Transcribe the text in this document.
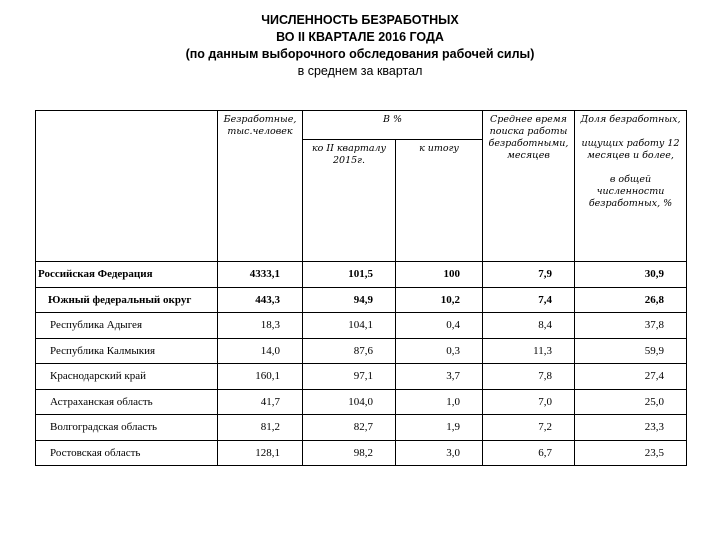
ЧИСЛЕННОСТЬ БЕЗРАБОТНЫХ
ВО II КВАРТАЛЕ 2016 ГОДА
(по данным выборочного обследования рабочей силы)
в среднем за квартал
	Безработные, тыс.человек	В %		Среднее время поиска работы безработными, месяцев	Доля безработных,
ищущих работу 12 месяцев и более,
в общей численности безработных, %

		ко II кварталу 2015г.	к итогу		
Российская Федерация	4333,1	101,5	100	7,9	30,9
Южный федеральный округ	443,3	94,9	10,2	7,4	26,8
Республика Адыгея	18,3	104,1	0,4	8,4	37,8
Республика Калмыкия	14,0	87,6	0,3	11,3	59,9
Краснодарский край	160,1	97,1	3,7	7,8	27,4
Астраханская область	41,7	104,0	1,0	7,0	25,0
Волгоградская область	81,2	82,7	1,9	7,2	23,3
Ростовская область	128,1	98,2	3,0	6,7	23,5
